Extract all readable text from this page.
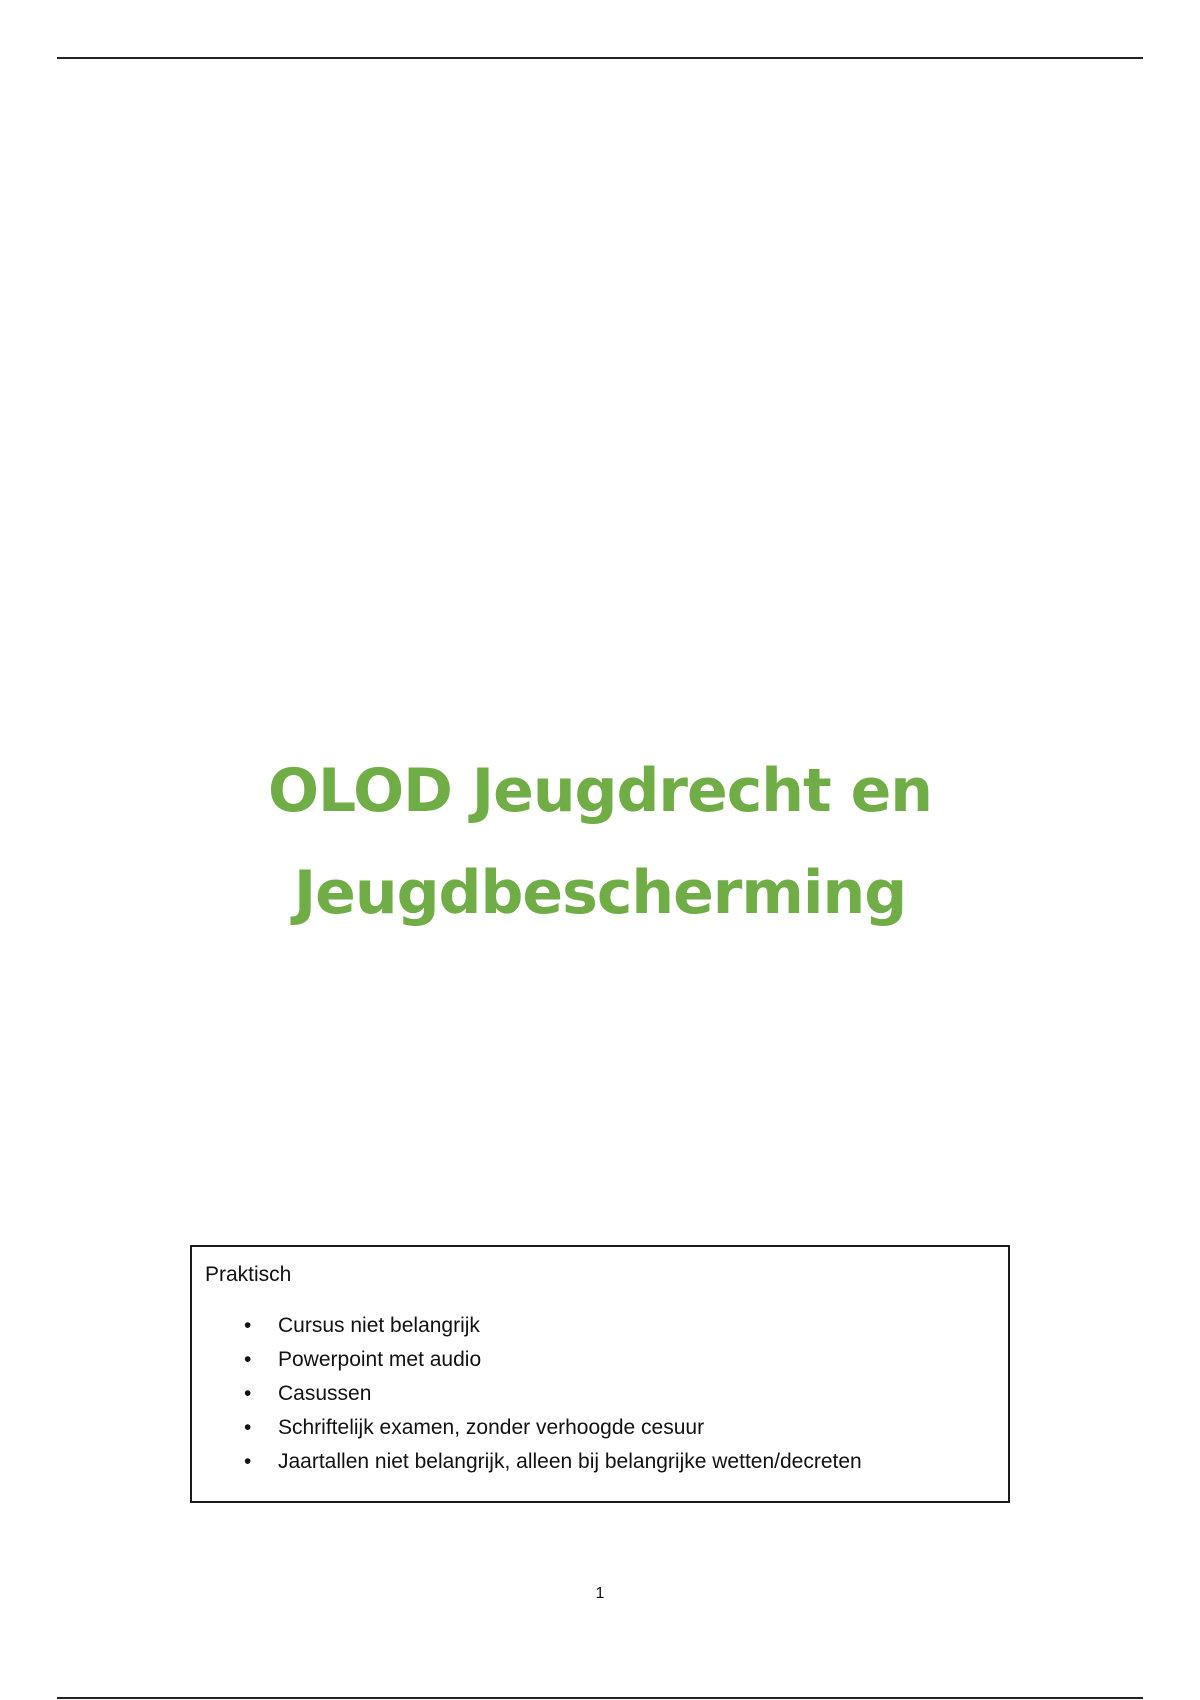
OLOD Jeugdrecht en
Jeugdbescherming
Praktisch
• Cursus niet belangrijk
• Powerpoint met audio
• Casussen
• Schriftelijk examen, zonder verhoogde cesuur
• Jaartallen niet belangrijk, alleen bij belangrijke wetten/decreten
1
